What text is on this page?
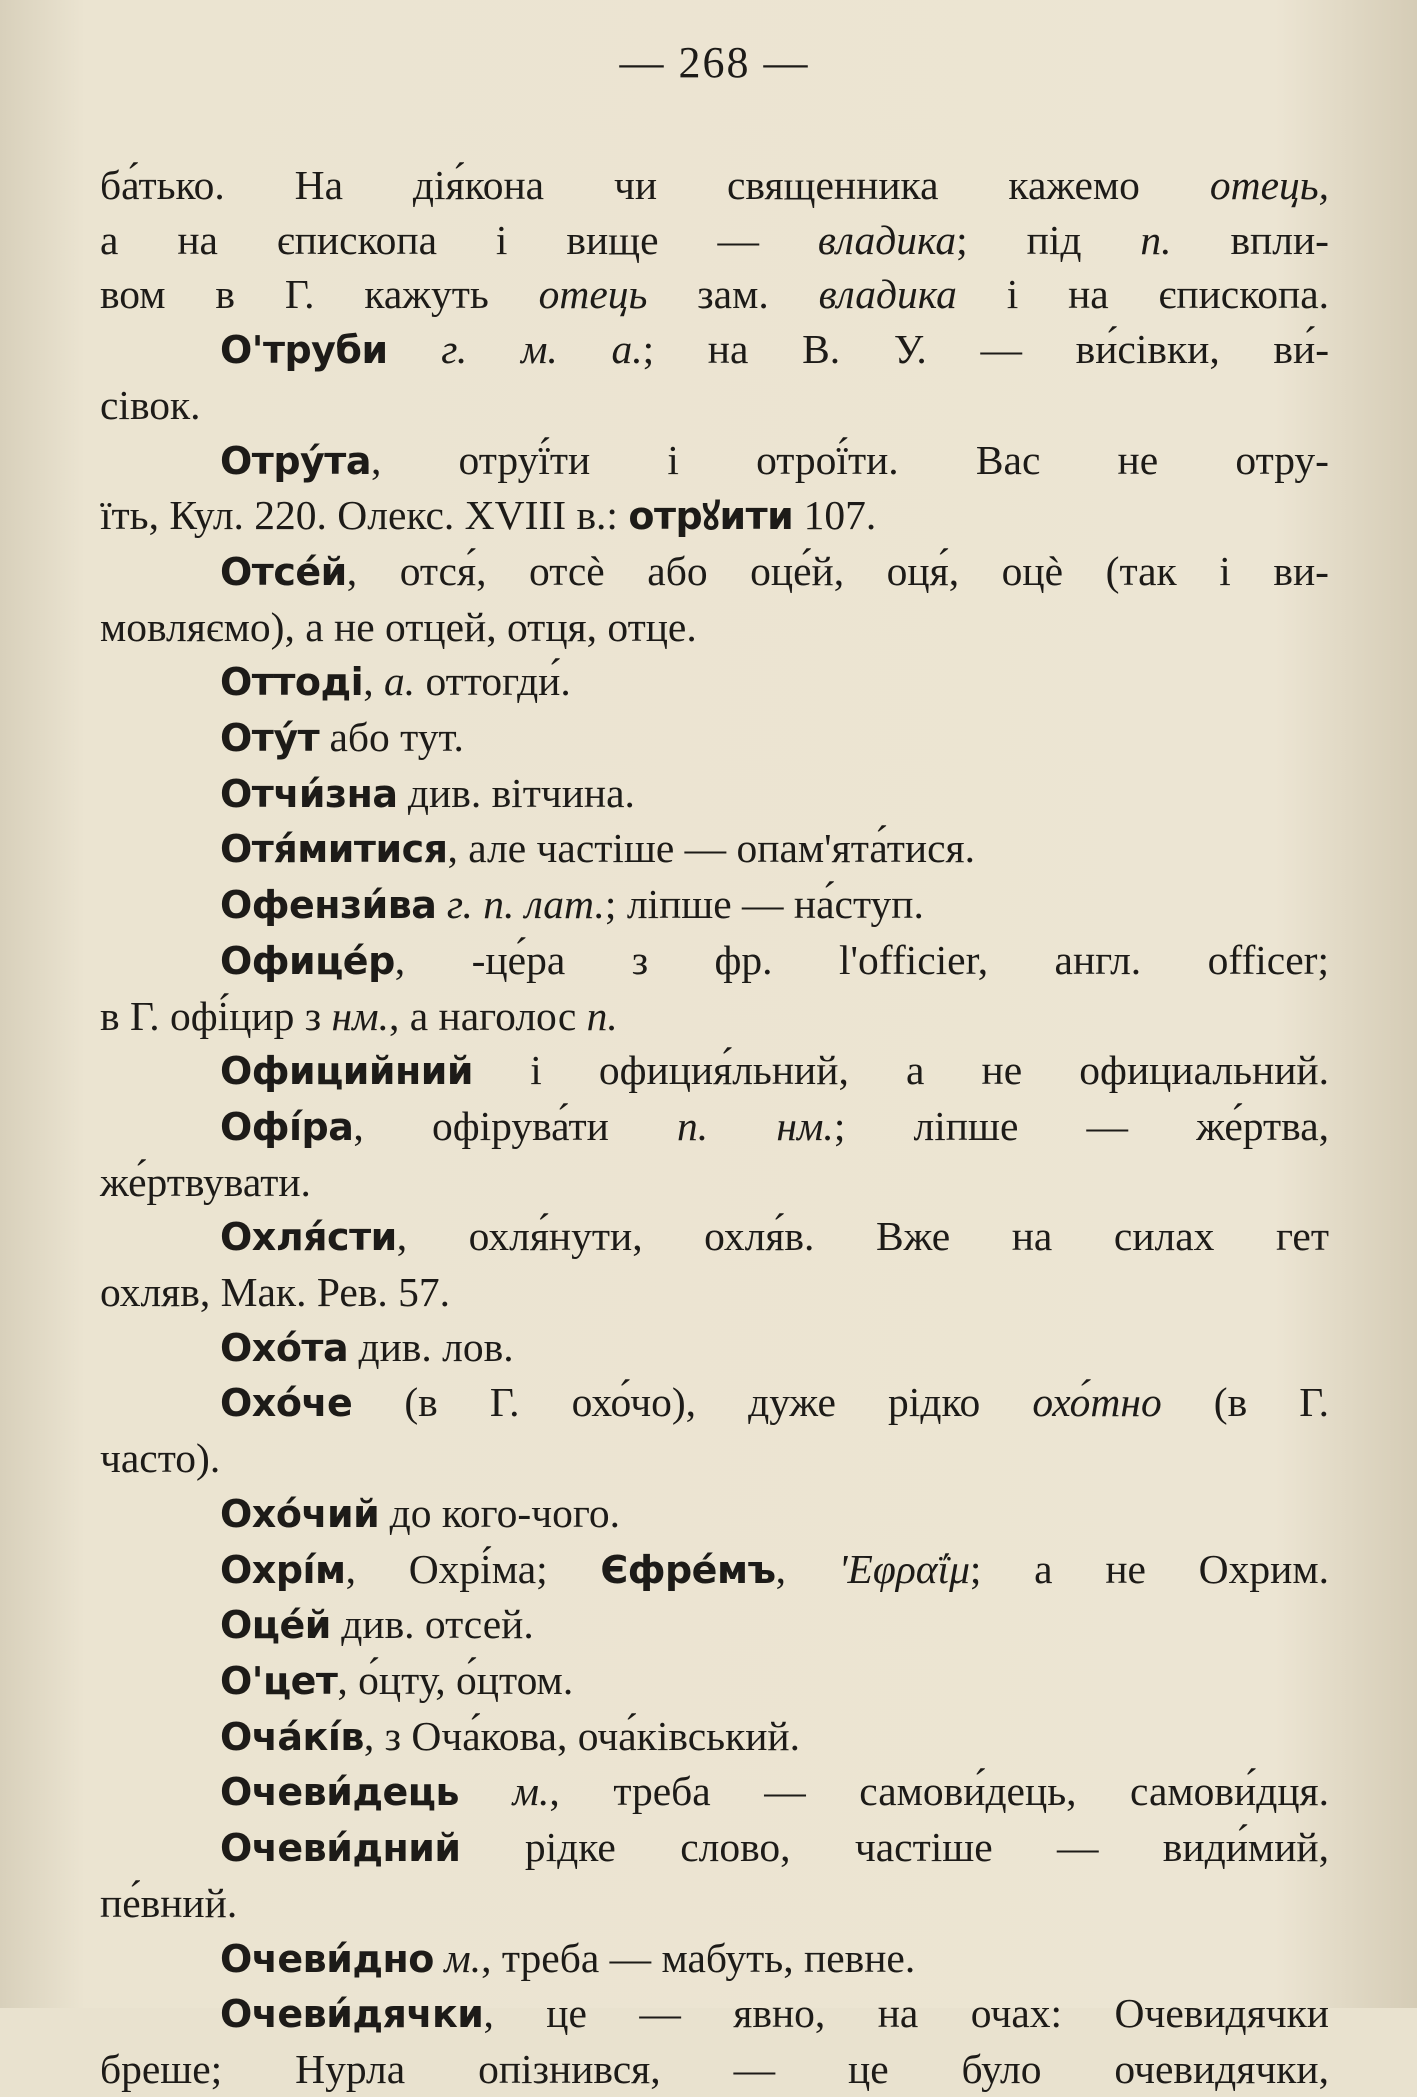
— 268 —
ба́тько. На дія́кона чи священника кажемо отець,
а на єпископа і вище — владика; під п. впли-
вом в Г. кажуть отець зам. владика і на єпископа.
О'труби г. м. а.; на В. У. — ви́сівки, ви́-
сівок.
Отру́та, отруї́ти і отрої́ти. Вас не отру-
їть, Кул. 220. Олекс. XVIII в.: отрꙋити 107.
Отсе́й, отся́, отсѐ або оце́й, оця́, оцѐ (так і ви-
мовляємо), а не отцей, отця, отце.
Оттоді, а. оттогди́.
Оту́т або тут.
Отчи́зна див. вітчина.
Отя́митися, але частіше — опам'ята́тися.
Офензи́ва г. п. лат.; ліпше — на́ступ.
Офице́р, -це́ра з фр. l'officier, англ. officer;
в Г. офі́цир з нм., а наголос п.
Официйний і официя́льний, а не официальний.
Офі́ра, офірува́ти п. нм.; ліпше — же́ртва,
же́ртвувати.
Охля́сти, охля́нути, охля́в. Вже на силах гет
охляв, Мак. Рев. 57.
Охо́та див. лов.
Охо́че (в Г. охо́чо), дуже рідко охо́тно (в Г.
часто).
Охо́чий до кого-чого.
Охрі́м, Охрі́ма; Єфре́мъ, 'Εφραΐμ; а не Охрим.
Оце́й див. отсей.
О'цет, о́цту, о́цтом.
Оча́кі́в, з Оча́кова, оча́ківський.
Очеви́дець м., треба — самови́дець, самови́дця.
Очеви́дний рідке слово, частіше — види́мий,
пе́вний.
Очеви́дно м., треба — мабуть, певне.
Очеви́дячки, це — явно, на очах: Очевидячки
бреше; Нурла опізнився, — це було очевидячки,
